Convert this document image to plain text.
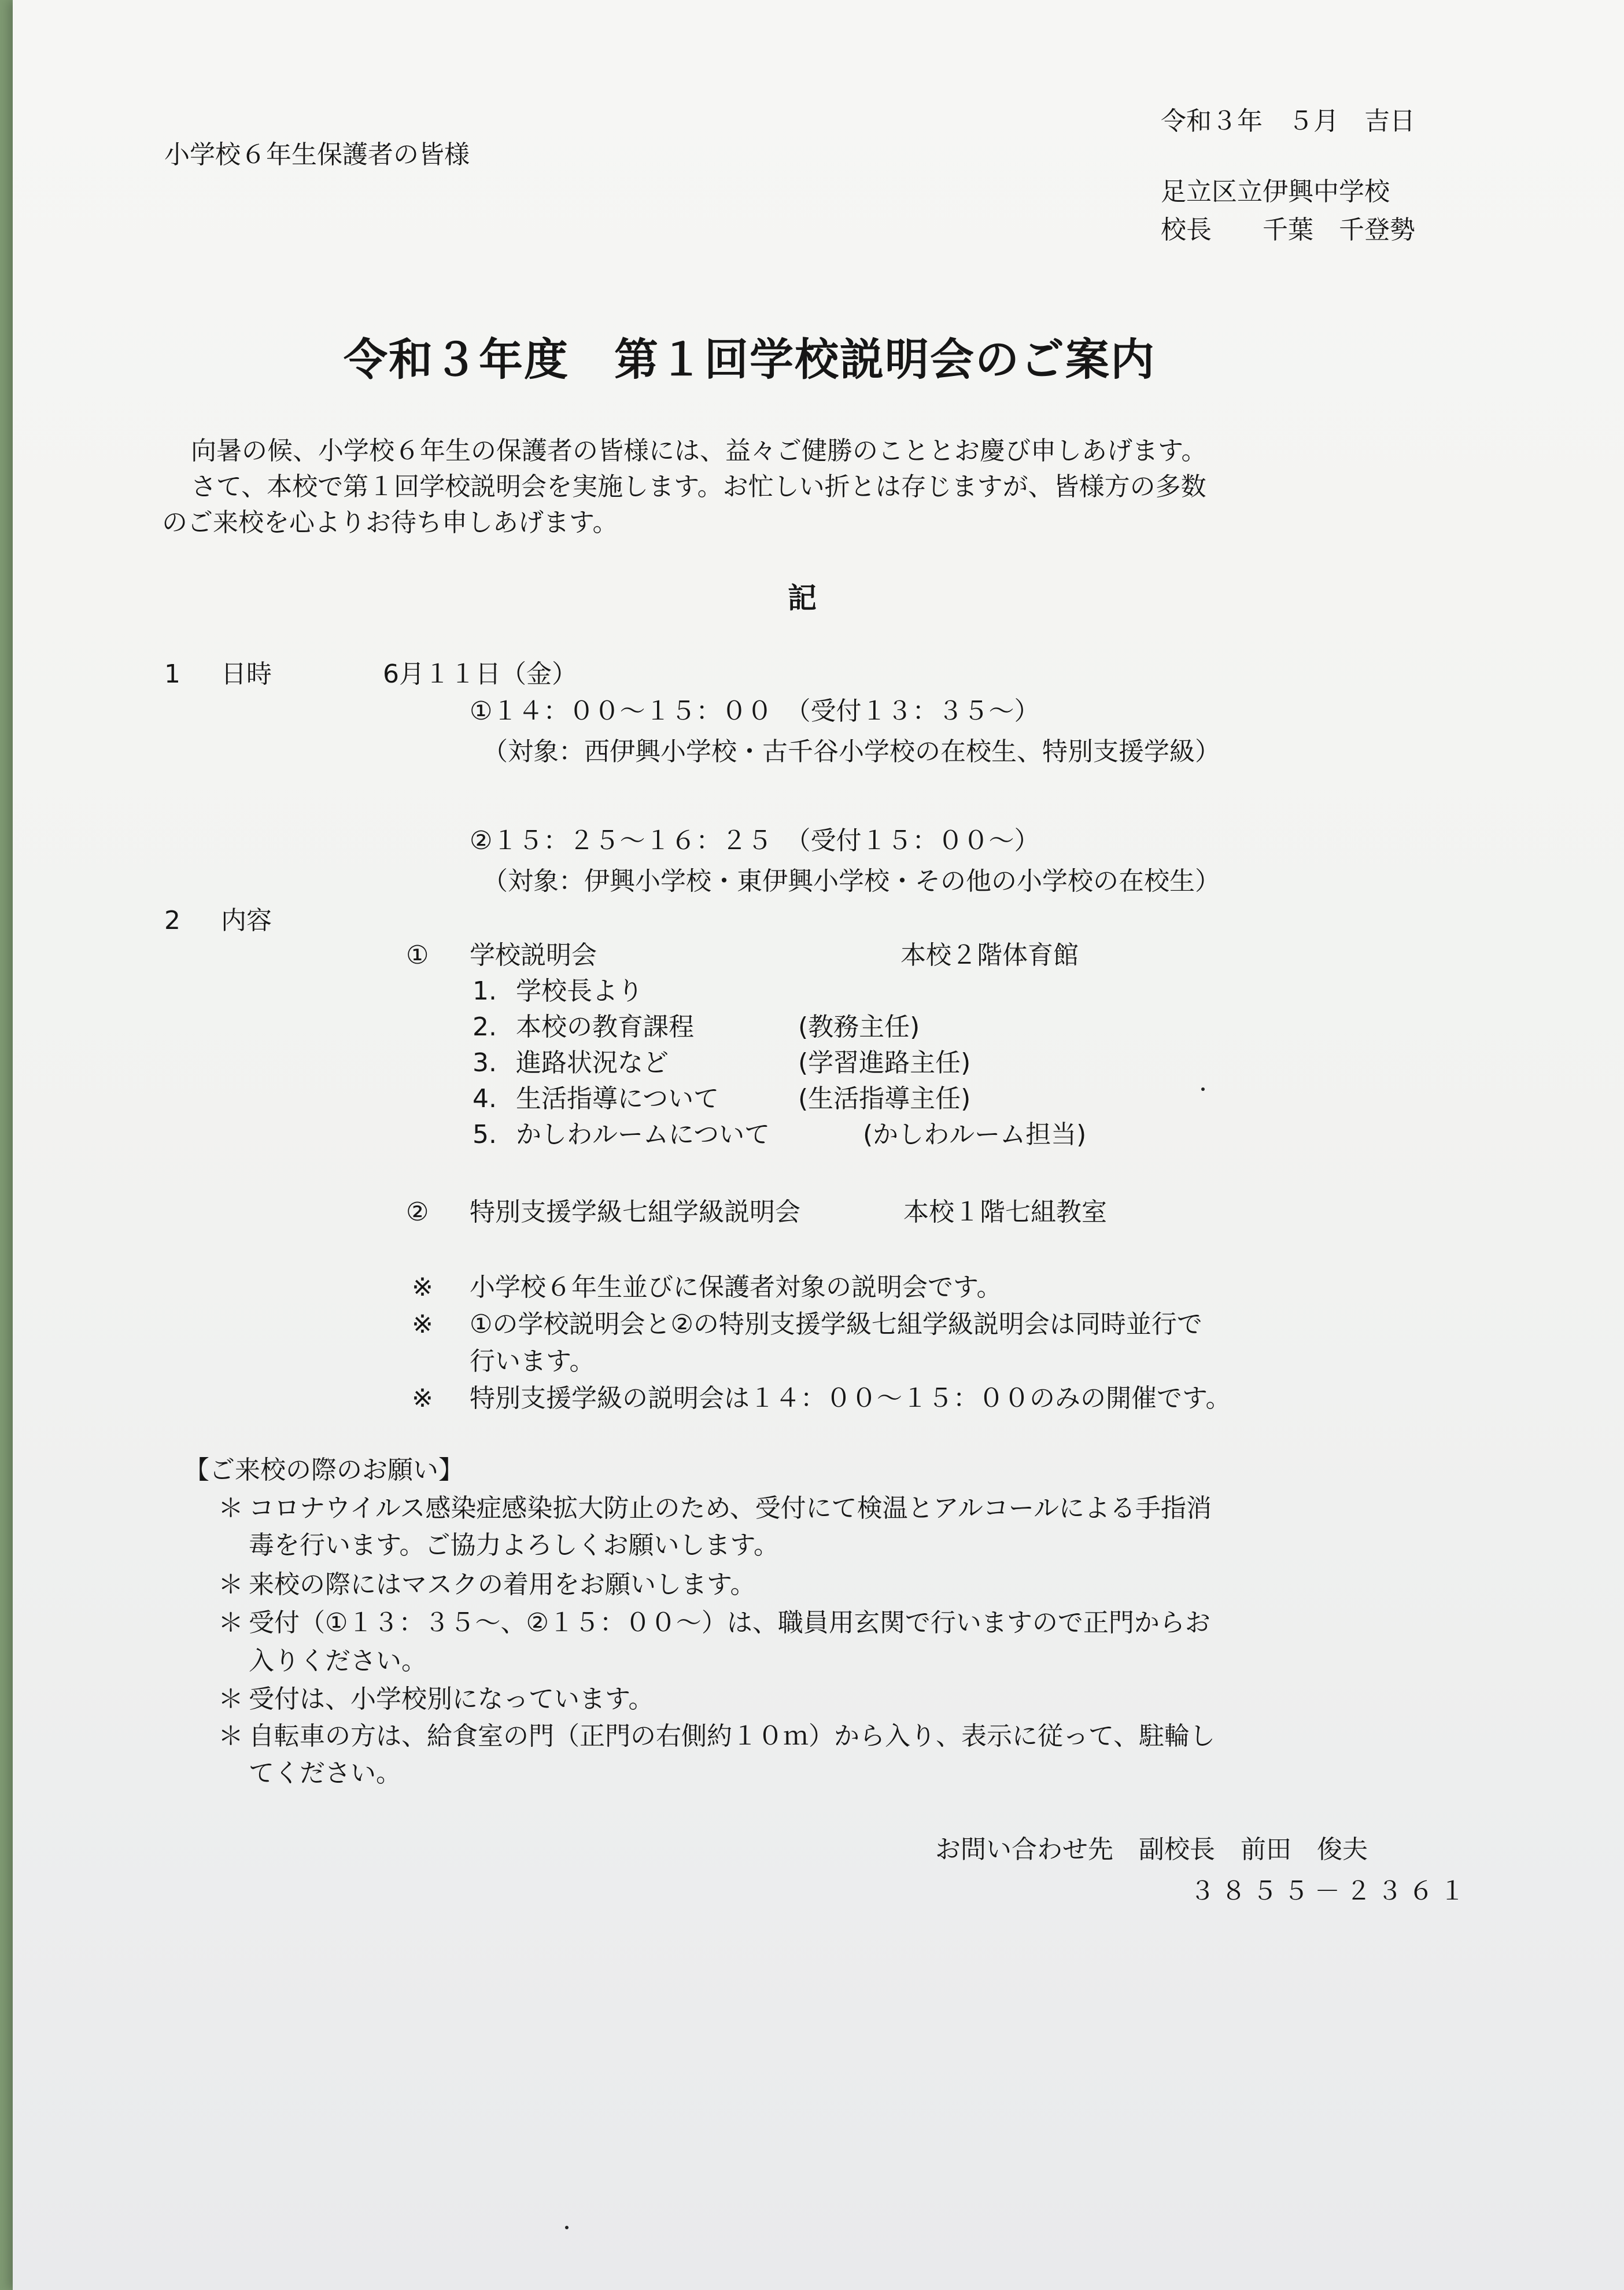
令和３年　５月　吉日
小学校６年生保護者の皆様
足立区立伊興中学校
校長　　千葉　千登勢
令和３年度　第１回学校説明会のご案内
向暑の候、小学校６年生の保護者の皆様には、益々ご健勝のこととお慶び申しあげます。
さて、本校で第１回学校説明会を実施します。お忙しい折とは存じますが、皆様方の多数
のご来校を心よりお待ち申しあげます。
記
1 日時	6月１１日（金）
①１４：００～１５：００　（受付１３：３５～）
（対象：西伊興小学校・古千谷小学校の在校生、特別支援学級）
②１５：２５～１６：２５　（受付１５：００～）
（対象：伊興小学校・東伊興小学校・その他の小学校の在校生）
2 内容
① 学校説明会	本校２階体育館
1. 学校長より
2. 本校の教育課程	(教務主任)
3. 進路状況など	(学習進路主任)
4. 生活指導について	(生活指導主任)
5. かしわルームについて	(かしわルーム担当)
② 特別支援学級七組学級説明会	本校１階七組教室
※ 小学校６年生並びに保護者対象の説明会です。
※ ①の学校説明会と②の特別支援学級七組学級説明会は同時並行で
行います。
※ 特別支援学級の説明会は１４：００～１５：００のみの開催です。
【ご来校の際のお願い】
＊ コロナウイルス感染症感染拡大防止のため、受付にて検温とアルコールによる手指消
毒を行います。ご協力よろしくお願いします。
＊ 来校の際にはマスクの着用をお願いします。
＊ 受付（①１３：３５～、②１５：００～）は、職員用玄関で行いますので正門からお
入りください。
＊ 受付は、小学校別になっています。
＊ 自転車の方は、給食室の門（正門の右側約１０ｍ）から入り、表示に従って、駐輪し
てください。
お問い合わせ先　副校長　前田　俊夫
３８５５－２３６１
